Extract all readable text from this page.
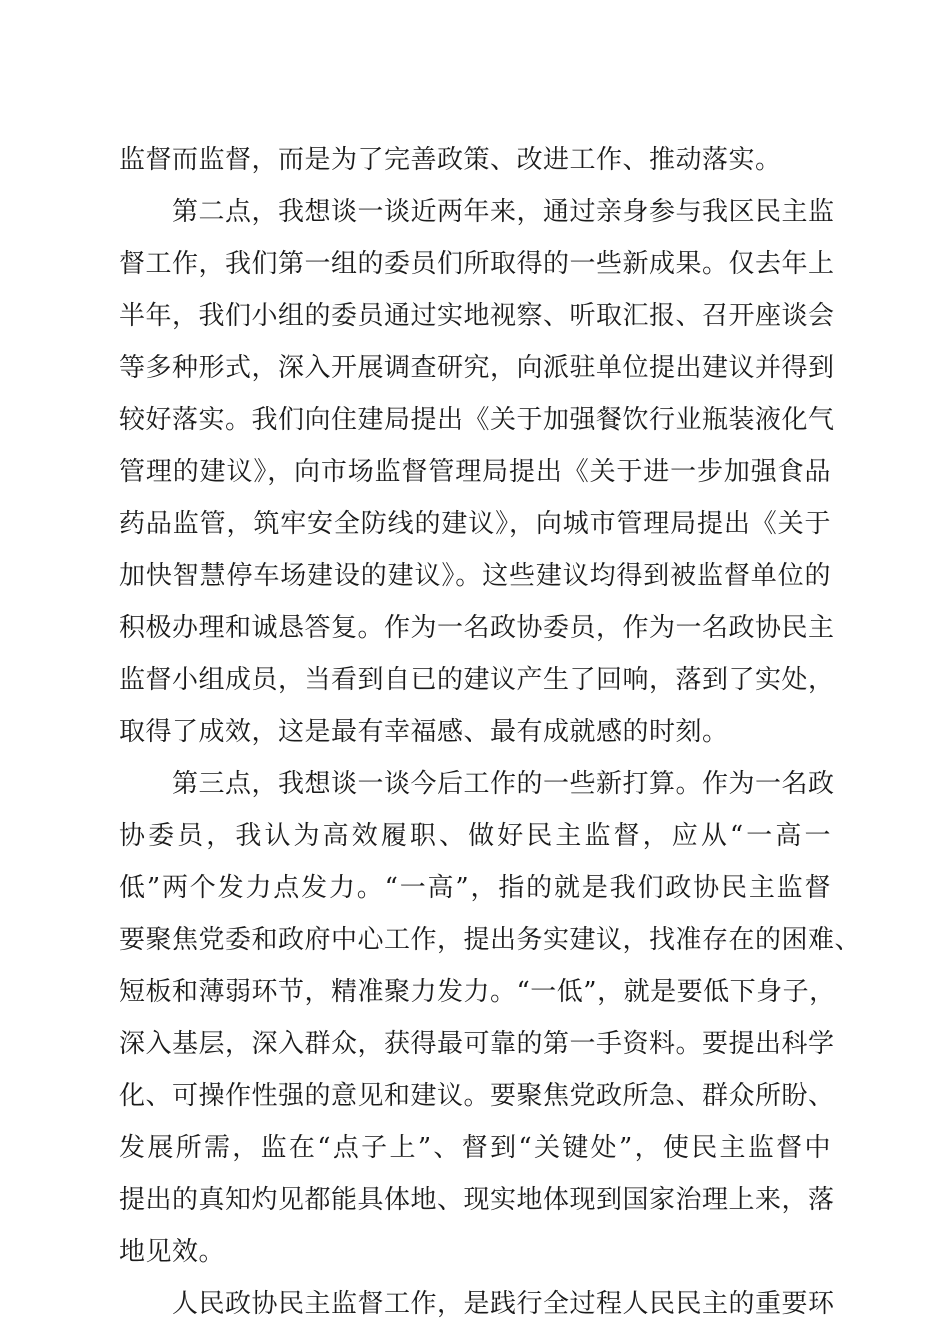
监督而监督，而是为了完善政策、改进工作、推动落实。
　　第二点，我想谈一谈近两年来，通过亲身参与我区民主监
督工作，我们第一组的委员们所取得的一些新成果。仅去年上
半年，我们小组的委员通过实地视察、听取汇报、召开座谈会
等多种形式，深入开展调查研究，向派驻单位提出建议并得到
较好落实。我们向住建局提出《关于加强餐饮行业瓶装液化气
管理的建议》，向市场监督管理局提出《关于进一步加强食品
药品监管，筑牢安全防线的建议》，向城市管理局提出《关于
加快智慧停车场建设的建议》。这些建议均得到被监督单位的
积极办理和诚恳答复。作为一名政协委员，作为一名政协民主
监督小组成员，当看到自已的建议产生了回响，落到了实处，
取得了成效，这是最有幸福感、最有成就感的时刻。
　　第三点，我想谈一谈今后工作的一些新打算。作为一名政
协委员，我认为高效履职、做好民主监督，应从“一高一
低”两个发力点发力。“一高”，指的就是我们政协民主监督
要聚焦党委和政府中心工作，提出务实建议，找准存在的困难、
短板和薄弱环节，精准聚力发力。“一低”，就是要低下身子，
深入基层，深入群众，获得最可靠的第一手资料。要提出科学
化、可操作性强的意见和建议。要聚焦党政所急、群众所盼、
发展所需，监在“点子上”、督到“关键处”，使民主监督中
提出的真知灼见都能具体地、现实地体现到国家治理上来，落
地见效。
　　人民政协民主监督工作，是践行全过程人民民主的重要环
